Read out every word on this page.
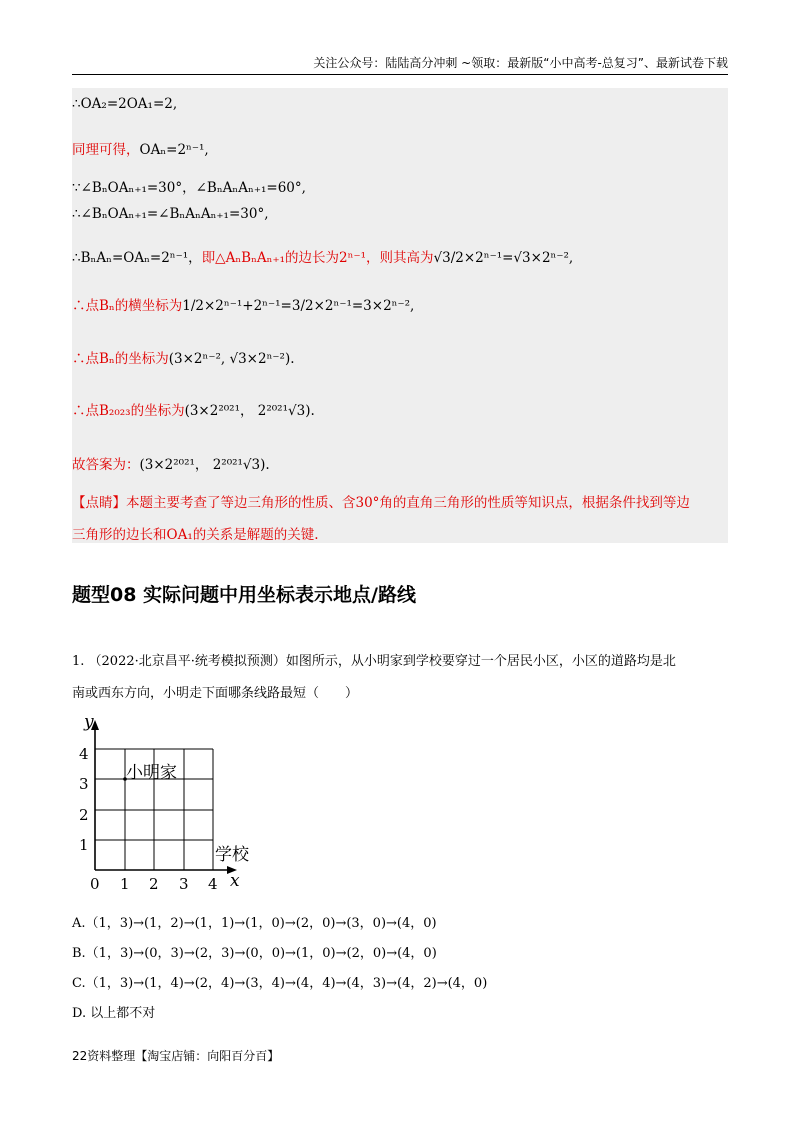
关注公众号：陆陆高分冲刺 ~领取：最新版“小中高考-总复习”、最新试卷下载
∴OA₂=2OA₁=2,
同理可得，OAₙ=2ⁿ⁻¹,
∵∠BₙOAₙ₊₁=30°，∠BₙAₙAₙ₊₁=60°,
∴∠BₙOAₙ₊₁=∠BₙAₙAₙ₊₁=30°,
∴BₙAₙ=OAₙ=2ⁿ⁻¹，即△AₙBₙAₙ₊₁的边长为2ⁿ⁻¹，则其高为√3/2×2ⁿ⁻¹=√3×2ⁿ⁻²,
∴点Bₙ的横坐标为1/2×2ⁿ⁻¹+2ⁿ⁻¹=3/2×2ⁿ⁻¹=3×2ⁿ⁻²,
∴点Bₙ的坐标为(3×2ⁿ⁻², √3×2ⁿ⁻²).
∴点B₂₀₂₃的坐标为(3×2²⁰²¹， 2²⁰²¹√3).
故答案为：(3×2²⁰²¹， 2²⁰²¹√3).
【点睛】本题主要考查了等边三角形的性质、含30°角的直角三角形的性质等知识点，根据条件找到等边
三角形的边长和OA₁的关系是解题的关键.
题型08 实际问题中用坐标表示地点/路线
1. （2022·北京昌平·统考模拟预测）如图所示，从小明家到学校要穿过一个居民小区，小区的道路均是北
南或西东方向，小明走下面哪条线路最短（　　）
y
x
0 1 2 3 4
1
2
3
4
小明家
学校
A.（1，3)→(1，2)→(1，1)→(1，0)→(2，0)→(3，0)→(4，0)
B.（1，3)→(0，3)→(2，3)→(0，0)→(1，0)→(2，0)→(4，0)
C.（1，3)→(1，4)→(2，4)→(3，4)→(4，4)→(4，3)→(4，2)→(4，0)
D. 以上都不对
22资料整理【淘宝店铺：向阳百分百】
